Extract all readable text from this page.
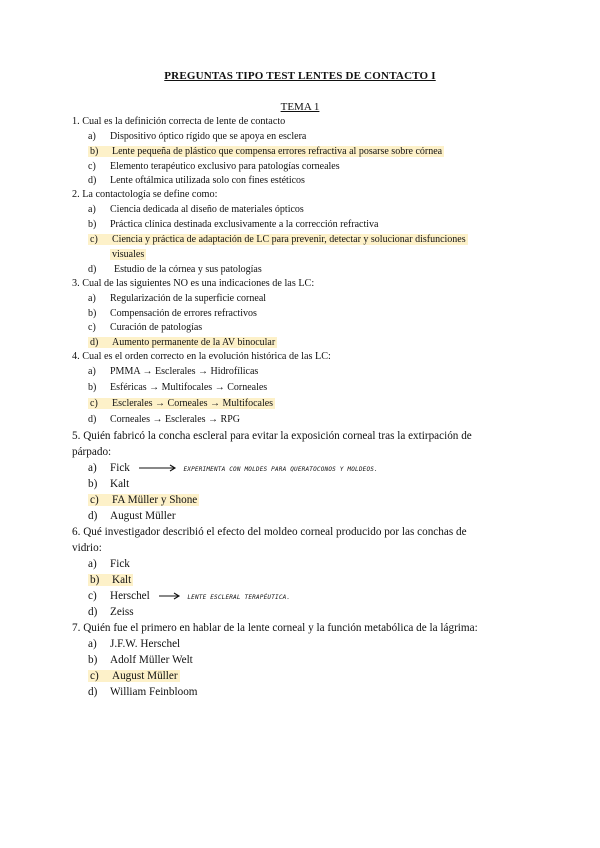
PREGUNTAS TIPO TEST LENTES DE CONTACTO I
TEMA 1
1. Cual es la definición correcta de lente de contacto
a) Dispositivo óptico rígido que se apoya en esclera
b) Lente pequeña de plástico que compensa errores refractiva al posarse sobre córnea
c) Elemento terapéutico exclusivo para patologías corneales
d) Lente oftálmica utilizada solo con fines estéticos
2. La contactología se define como:
a) Ciencia dedicada al diseño de materiales ópticos
b) Práctica clínica destinada exclusivamente a la corrección refractiva
c) Ciencia y práctica de adaptación de LC para prevenir, detectar y solucionar disfunciones
visuales
d) Estudio de la córnea y sus patologías
3. Cual de las siguientes NO es una indicaciones de las LC:
a) Regularización de la superficie corneal
b) Compensación de errores refractivos
c) Curación de patologías
d) Aumento permanente de la AV binocular
4. Cual es el orden correcto en la evolución histórica de las LC:
a) PMMA → Esclerales → Hidrofílicas
b) Esféricas → Multifocales → Corneales
c) Esclerales → Corneales → Multifocales
d) Corneales → Esclerales → RPG
5. Quién fabricó la concha escleral para evitar la exposición corneal tras la extirpación de
párpado:
a) Fick	EXPERIMENTA CON MOLDES PARA QUERATOCONOS Y MOLDEOS.
b) Kalt
c) FA Müller y Shone
d) August Müller
6. Qué investigador describió el efecto del moldeo corneal producido por las conchas de
vidrio:
a) Fick
b) Kalt
c) Herschel	LENTE ESCLERAL TERAPÉUTICA.
d) Zeiss
7. Quién fue el primero en hablar de la lente corneal y la función metabólica de la lágrima:
a) J.F.W. Herschel
b) Adolf Müller Welt
c) August Müller
d) William Feinbloom
